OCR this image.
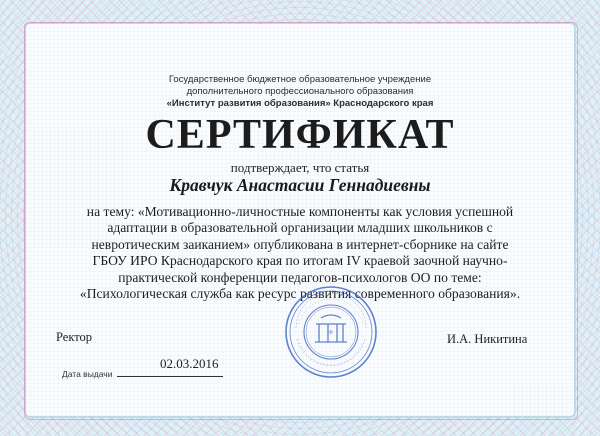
Государственное бюджетное образовательное учреждение
дополнительного профессионального образования
«Институт развития образования» Краснодарского края
СЕРТИФИКАТ
подтверждает, что статья
Кравчук Анастасии Геннадиевны
на тему: «Мотивационно-личностные компоненты как условия успешной
адаптации в образовательной организации младших школьников с
невротическим заиканием» опубликована в интернет-сборнике на сайте
ГБОУ ИРО Краснодарского края по итогам IV краевой заочной научно-
практической конференции педагогов-психологов ОО по теме:
«Психологическая служба как ресурс развития современного образования».
Ректор	И.А. Никитина
Дата выдачи
02.03.2016
